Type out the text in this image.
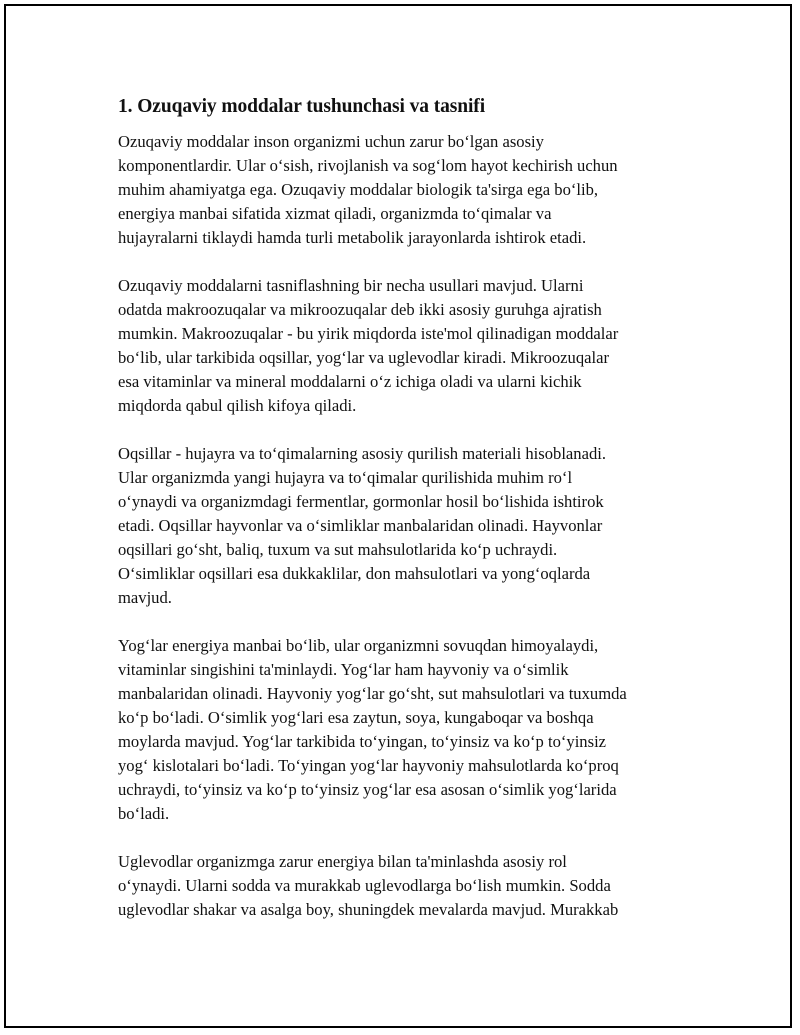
1. Ozuqaviy moddalar tushunchasi va tasnifi

Ozuqaviy moddalar inson organizmi uchun zarur bo‘lgan asosiy
komponentlardir. Ular o‘sish, rivojlanish va sog‘lom hayot kechirish uchun
muhim ahamiyatga ega. Ozuqaviy moddalar biologik ta'sirga ega bo‘lib,
energiya manbai sifatida xizmat qiladi, organizmda to‘qimalar va
hujayralarni tiklaydi hamda turli metabolik jarayonlarda ishtirok etadi.

Ozuqaviy moddalarni tasniflashning bir necha usullari mavjud. Ularni
odatda makroozuqalar va mikroozuqalar deb ikki asosiy guruhga ajratish
mumkin. Makroozuqalar - bu yirik miqdorda iste'mol qilinadigan moddalar
bo‘lib, ular tarkibida oqsillar, yog‘lar va uglevodlar kiradi. Mikroozuqalar
esa vitaminlar va mineral moddalarni o‘z ichiga oladi va ularni kichik
miqdorda qabul qilish kifoya qiladi.

Oqsillar - hujayra va to‘qimalarning asosiy qurilish materiali hisoblanadi.
Ular organizmda yangi hujayra va to‘qimalar qurilishida muhim ro‘l
o‘ynaydi va organizmdagi fermentlar, gormonlar hosil bo‘lishida ishtirok
etadi. Oqsillar hayvonlar va o‘simliklar manbalaridan olinadi. Hayvonlar
oqsillari go‘sht, baliq, tuxum va sut mahsulotlarida ko‘p uchraydi.
O‘simliklar oqsillari esa dukkaklilar, don mahsulotlari va yong‘oqlarda
mavjud.

Yog‘lar energiya manbai bo‘lib, ular organizmni sovuqdan himoyalaydi,
vitaminlar singishini ta'minlaydi. Yog‘lar ham hayvoniy va o‘simlik
manbalaridan olinadi. Hayvoniy yog‘lar go‘sht, sut mahsulotlari va tuxumda
ko‘p bo‘ladi. O‘simlik yog‘lari esa zaytun, soya, kungaboqar va boshqa
moylarda mavjud. Yog‘lar tarkibida to‘yingan, to‘yinsiz va ko‘p to‘yinsiz
yog‘ kislotalari bo‘ladi. To‘yingan yog‘lar hayvoniy mahsulotlarda ko‘proq
uchraydi, to‘yinsiz va ko‘p to‘yinsiz yog‘lar esa asosan o‘simlik yog‘larida
bo‘ladi.

Uglevodlar organizmga zarur energiya bilan ta'minlashda asosiy rol
o‘ynaydi. Ularni sodda va murakkab uglevodlarga bo‘lish mumkin. Sodda
uglevodlar shakar va asalga boy, shuningdek mevalarda mavjud. Murakkab
